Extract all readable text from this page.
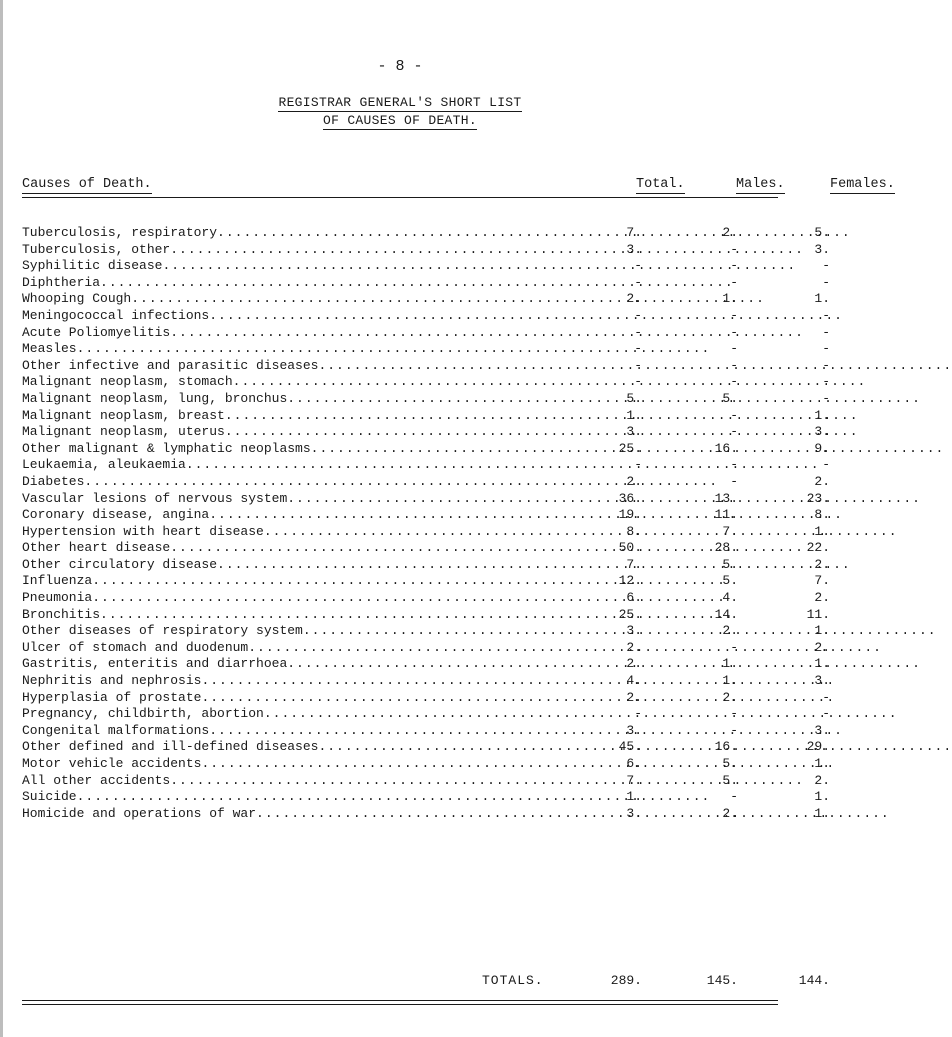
- 8 -
REGISTRAR GENERAL'S SHORT LIST
OF CAUSES OF DEATH.
Causes of Death.	Total.	Males.	Females.
Tuberculosis, respiratory .....	7.	2.	5.
Tuberculosis, other .....	3.	-	3.
Syphilitic disease .....	-	-	-
Diphtheria .....	-	-	-
Whooping Cough .....	2.	1.	1.
Meningococcal infections .....	-	-	-
Acute Poliomyelitis .....	-	-	-
Measles .....	-	-	-
Other infective and parasitic diseases .....	-	-	-
Malignant neoplasm, stomach .....	-	-	-
Malignant neoplasm, lung, bronchus .....	5.	5.	-
Malignant neoplasm, breast .....	1.	-	1.
Malignant neoplasm, uterus .....	3.	-	3.
Other malignant & lymphatic neoplasms .....	25.	16.	9.
Leukaemia, aleukaemia .....	-	-	-
Diabetes .....	2.	-	2.
Vascular lesions of nervous system .....	36.	13.	23.
Coronary disease, angina .....	19.	11.	8.
Hypertension with heart disease .....	8.	7.	1.
Other heart disease .....	50.	28.	22.
Other circulatory disease .....	7.	5.	2.
Influenza .....	12.	5.	7.
Pneumonia .....	6.	4.	2.
Bronchitis .....	25.	14.	11.
Other diseases of respiratory system .....	3.	2.	1.
Ulcer of stomach and duodenum .....	2.	-	2.
Gastritis, enteritis and diarrhoea .....	2.	1.	1.
Nephritis and nephrosis .....	4.	1.	3.
Hyperplasia of prostate .....	2.	2.	-
Pregnancy, childbirth, abortion .....	-	-	-
Congenital malformations .....	3.	-	3.
Other defined and ill-defined diseases .....	45.	16.	29.
Motor vehicle accidents .....	6.	5.	1.
All other accidents .....	7.	5.	2.
Suicide .....	1.	-	1.
Homicide and operations of war .....	3.	2.	1.
TOTALS.	289.	145.	144.
